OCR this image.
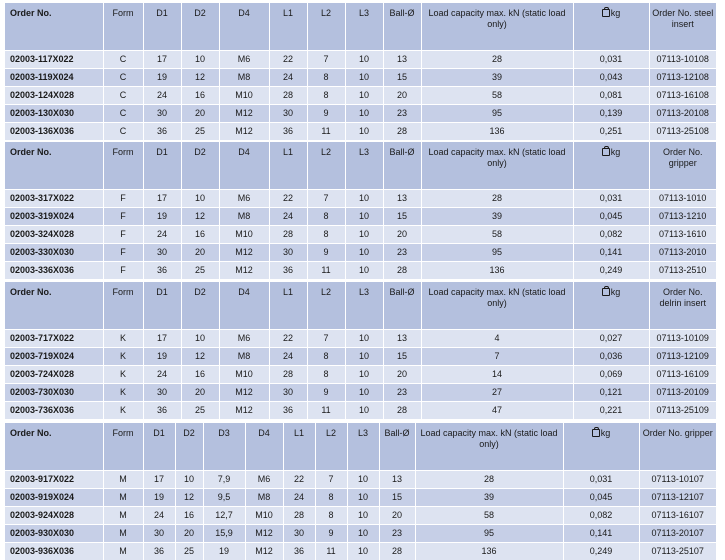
Order No.	Form	D1	D2	D4	L1	L2	L3	Ball-Ø	Load capacity max. kN (static load only)	kg	Order No. steel insert
02003-117X022	C	17	10	M6	22	7	10	13	28	0,031	07113-10108
02003-119X024	C	19	12	M8	24	8	10	15	39	0,043	07113-12108
02003-124X028	C	24	16	M10	28	8	10	20	58	0,081	07113-16108
02003-130X030	C	30	20	M12	30	9	10	23	95	0,139	07113-20108
02003-136X036	C	36	25	M12	36	11	10	28	136	0,251	07113-25108
Order No.	Form	D1	D2	D4	L1	L2	L3	Ball-Ø	Load capacity max. kN (static load only)	kg	Order No. gripper
02003-317X022	F	17	10	M6	22	7	10	13	28	0,031	07113-1010
02003-319X024	F	19	12	M8	24	8	10	15	39	0,045	07113-1210
02003-324X028	F	24	16	M10	28	8	10	20	58	0,082	07113-1610
02003-330X030	F	30	20	M12	30	9	10	23	95	0,141	07113-2010
02003-336X036	F	36	25	M12	36	11	10	28	136	0,249	07113-2510
Order No.	Form	D1	D2	D4	L1	L2	L3	Ball-Ø	Load capacity max. kN (static load only)	kg	Order No. delrin insert
02003-717X022	K	17	10	M6	22	7	10	13	4	0,027	07113-10109
02003-719X024	K	19	12	M8	24	8	10	15	7	0,036	07113-12109
02003-724X028	K	24	16	M10	28	8	10	20	14	0,069	07113-16109
02003-730X030	K	30	20	M12	30	9	10	23	27	0,121	07113-20109
02003-736X036	K	36	25	M12	36	11	10	28	47	0,221	07113-25109
Order No.	Form	D1	D2	D3	D4	L1	L2	L3	Ball-Ø	Load capacity max. kN (static load only)	kg	Order No. gripper
02003-917X022	M	17	10	7,9	M6	22	7	10	13	28	0,031	07113-10107
02003-919X024	M	19	12	9,5	M8	24	8	10	15	39	0,045	07113-12107
02003-924X028	M	24	16	12,7	M10	28	8	10	20	58	0,082	07113-16107
02003-930X030	M	30	20	15,9	M12	30	9	10	23	95	0,141	07113-20107
02003-936X036	M	36	25	19	M12	36	11	10	28	136	0,249	07113-25107
